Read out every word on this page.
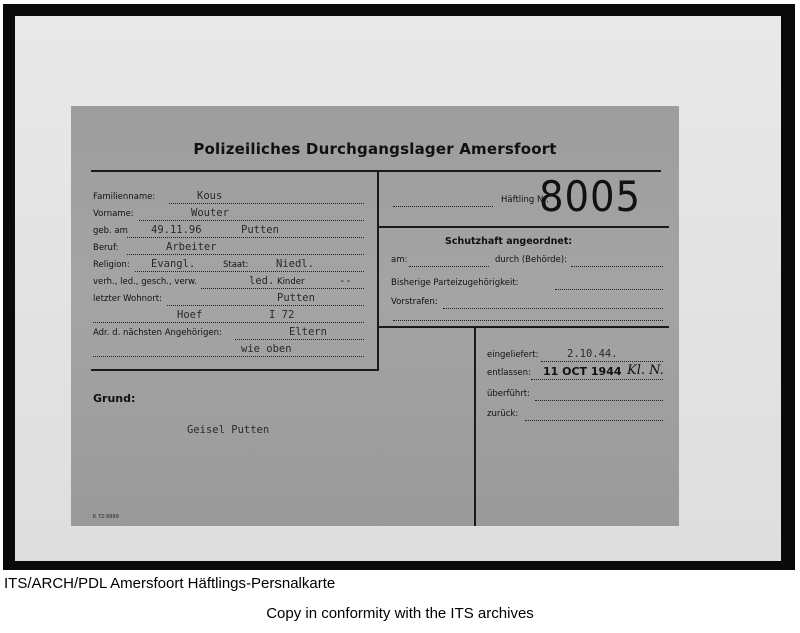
Polizeiliches Durchgangslager Amersfoort
Familienname:	Kous
Vorname:	Wouter
geb. am 49.11.96	Putten
Beruf:	Arbeiter
Religion: Evangl.	Staat:	Niedl.
verh., led., gesch., verw.	led. Kinder	--
letzter Wohnort:	Putten
Hoef	I 72
Adr. d. nächsten Angehörigen:	Eltern
wie oben
Häftling Nr.
8005
Schutzhaft angeordnet:
am:	durch (Behörde):
Bisherige Parteizugehörigkeit:
Vorstrafen:
Grund:
Geisel Putten
eingeliefert:	2.10.44.
entlassen: 11 OCT 1944 Kl. N.
überführt:
zurück:
K 72-9999
ITS/ARCH/PDL Amersfoort Häftlings-Persnalkarte
Copy in conformity with the ITS archives
